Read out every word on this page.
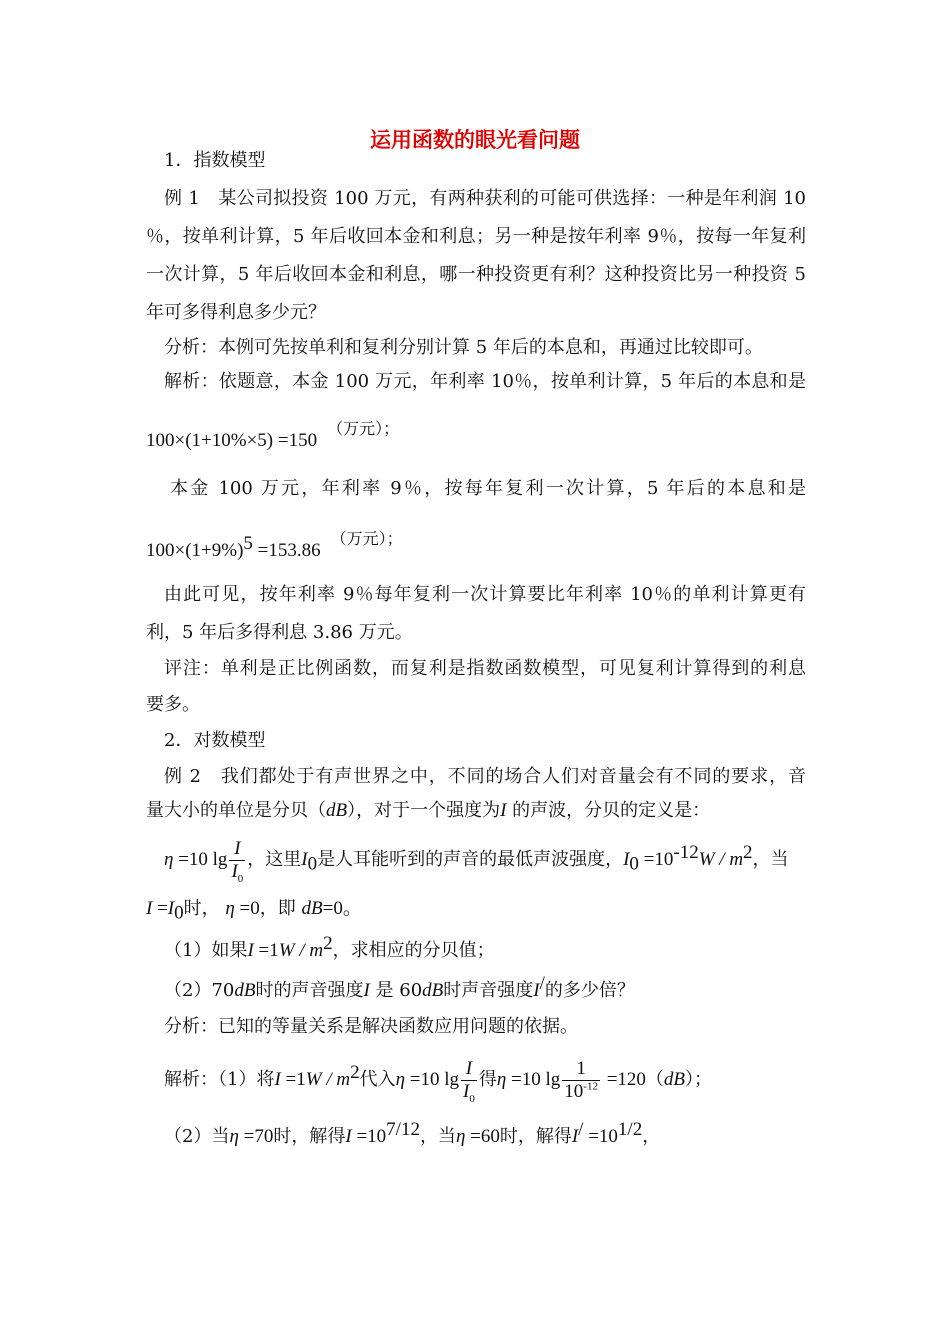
运用函数的眼光看问题
1．指数模型
例 1　某公司拟投资 100 万元，有两种获利的可能可供选择：一种是年利润 10
％，按单利计算，5 年后收回本金和利息；另一种是按年利率 9％，按每一年复利
一次计算，5 年后收回本金和利息，哪一种投资更有利？这种投资比另一种投资 5
年可多得利息多少元？
分析：本例可先按单利和复利分别计算 5 年后的本息和，再通过比较即可。
解析：依题意，本金 100 万元，年利率 10％，按单利计算，5 年后的本息和是
100×(1+10%×5) =150（万元）；
本金 100 万元，年利率 9％，按每年复利一次计算，5 年后的本息和是
$100\times(1+9\%)^5 =153.86$（万元）；
由此可见，按年利率 9％每年复利一次计算要比年利率 10％的单利计算更有
利，5 年后多得利息 3.86 万元。
评注：单利是正比例函数，而复利是指数函数模型，可见复利计算得到的利息
要多。
2．对数模型
例 2　我们都处于有声世界之中，不同的场合人们对音量会有不同的要求，音
量大小的单位是分贝（dB），对于一个强度为I 的声波，分贝的定义是：
η =10 $\lg \frac{I}{I_0}$ ，这里$I_0$是人耳能听到的声音的最低声波强度，$I_0 =10^{-12}W / m^2$，当
$I =I_0$时， η =0，即 dB=0。
（1）如果$I =1W / m^2$，求相应的分贝值；
（2）70dB时的声音强度I 是 60dB时声音强度I/的多少倍？
分析：已知的等量关系是解决函数应用问题的依据。
解析：（1）将$I =1W / m^2$代入η =10 $\lg \frac{I}{I_0}$ 得η =10 $\lg \frac{1}{10^{-12}} =120(dB)$；
（2）当η =70时，解得$I =10^{7/12}$，当η =60时，解得$I^/ =10^{1/2}$，
